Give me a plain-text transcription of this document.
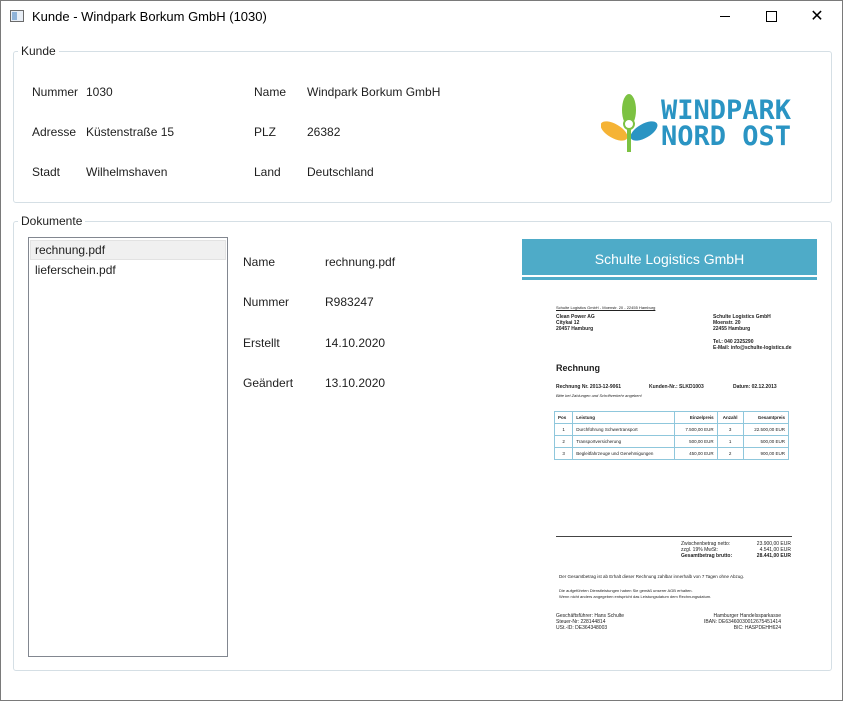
Kunde - Windpark Borkum GmbH (1030)	✕
Kunde
Nummer 1030	Name Windpark Borkum GmbH
Adresse Küstenstraße 15	PLZ	26382
Stadt Wilhelmshaven	Land Deutschland
WINDPARK
NORD OST
Dokumente
rechnung.pdf
lieferschein.pdf
Name	rechnung.pdf
Nummer	R983247
Erstellt	14.10.2020
Geändert	13.10.2020
Schulte Logistics GmbH
Schulte Logistics GmbH - Moenstr. 20 - 22455 Hamburg
Clean Power AG
Citykai 12
20457 Hamburg
Schulte Logistics GmbH
Moenstr. 20
22455 Hamburg
Tel.: 040 2325290
E-Mail: info@schulte-logistics.de
Rechnung
Rechnung Nr. 2013-12-9061	Kunden-Nr.: SLKD1003	Datum: 02.12.2013
Bitte bei Zahlungen und Schriftverkehr angeben!
Pos	Leistung	Einzelpreis	Anzahl	Gesamtpreis
1	Durchführung Schwertransport	7.500,00 EUR	3	22.500,00 EUR
2	Transportversicherung	500,00 EUR	1	500,00 EUR
3	Begleitfahrzeuge und Genehmigungen	450,00 EUR	2	900,00 EUR
Zwischenbetrag netto:	23.900,00 EUR
zzgl. 19% MwSt:	4.541,00 EUR
Gesamtbetrag brutto:	28.441,00 EUR
Der Gesamtbetrag ist ab Erhalt dieser Rechnung zahlbar innerhalb von 7 Tagen ohne Abzug.
Die aufgeführten Dienstleistungen haben Sie gemäß unserer AGB erhalten.
Wenn nicht anders angegeben entspricht das Leistungsdatum dem Rechnungsdatum.
Geschäftsführer: Hans Schulte
Steuer-Nr: 228144814
USt.-ID: DE364348003
Hamburger Handelssparkasse
IBAN: DE63460030012675451414
BIC: HASPDEHH624
